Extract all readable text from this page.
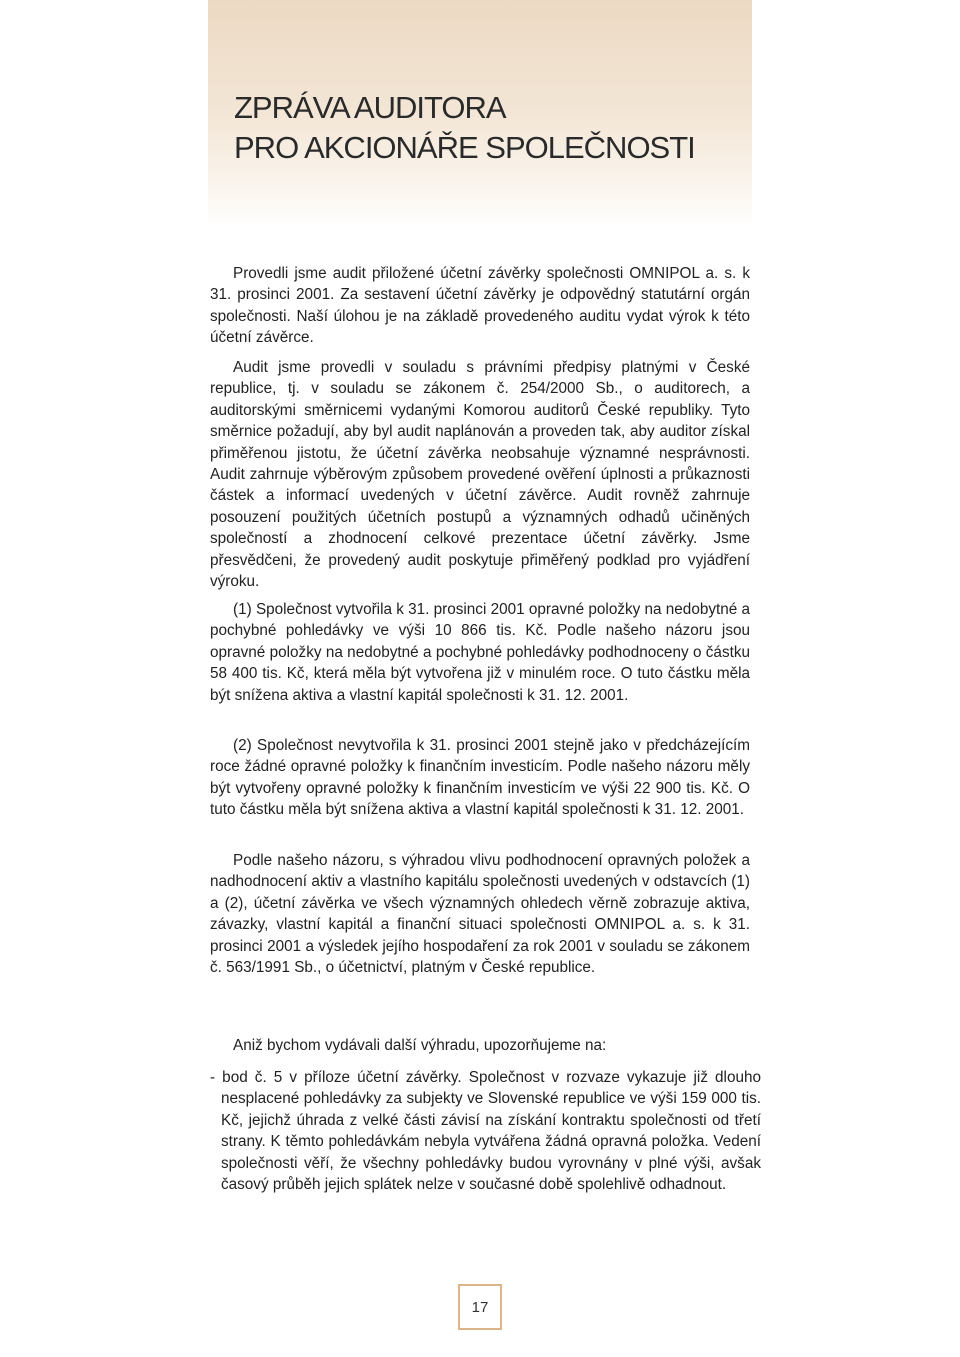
ZPRÁVA AUDITORA
PRO AKCIONÁŘE SPOLEČNOSTI

Provedli jsme audit přiložené účetní závěrky společnosti OMNIPOL a. s. k 31. prosinci 2001. Za sestavení účetní závěrky je odpovědný statutární orgán společnosti. Naší úlohou je na základě provedeného auditu vydat výrok k této účetní závěrce.

Audit jsme provedli v souladu s právními předpisy platnými v České republice, tj. v souladu se zákonem č. 254/2000 Sb., o auditorech, a auditorskými směrnicemi vydanými Komorou auditorů České republiky. Tyto směrnice požadují, aby byl audit naplánován a proveden tak, aby auditor získal přiměřenou jistotu, že účetní závěrka neobsahuje významné nesprávnosti. Audit zahrnuje výběrovým způsobem provedené ověření úplnosti a průkaznosti částek a informací uvedených v účetní závěrce. Audit rovněž zahrnuje posouzení použitých účetních postupů a významných odhadů učiněných společností a zhodnocení celkové prezentace účetní závěrky. Jsme přesvědčeni, že provedený audit poskytuje přiměřený podklad pro vyjádření výroku.

(1) Společnost vytvořila k 31. prosinci 2001 opravné položky na nedobytné a pochybné pohledávky ve výši 10 866 tis. Kč. Podle našeho názoru jsou opravné položky na nedobytné a pochybné pohledávky podhodnoceny o částku 58 400 tis. Kč, která měla být vytvořena již v minulém roce. O tuto částku měla být snížena aktiva a vlastní kapitál společnosti k 31. 12. 2001.

(2) Společnost nevytvořila k 31. prosinci 2001 stejně jako v předcházejícím roce žádné opravné položky k finančním investicím. Podle našeho názoru měly být vytvořeny opravné položky k finančním investicím ve výši 22 900 tis. Kč. O tuto částku měla být snížena aktiva a vlastní kapitál společnosti k 31. 12. 2001.

Podle našeho názoru, s výhradou vlivu podhodnocení opravných položek a nadhodnocení aktiv a vlastního kapitálu společnosti uvedených v odstavcích (1) a (2), účetní závěrka ve všech významných ohledech věrně zobrazuje aktiva, závazky, vlastní kapitál a finanční situaci společnosti OMNIPOL a. s. k 31. prosinci 2001 a výsledek jejího hospodaření za rok 2001 v souladu se zákonem č. 563/1991 Sb., o účetnictví, platným v České republice.

Aniž bychom vydávali další výhradu, upozorňujeme na:

- bod č. 5 v příloze účetní závěrky. Společnost v rozvaze vykazuje již dlouho nesplacené pohledávky za subjekty ve Slovenské republice ve výši 159 000 tis. Kč, jejichž úhrada z velké části závisí na získání kontraktu společnosti od třetí strany. K těmto pohledávkám nebyla vytvářena žádná opravná položka. Vedení společnosti věří, že všechny pohledávky budou vyrovnány v plné výši, avšak časový průběh jejich splátek nelze v současné době spolehlivě odhadnout.

17
